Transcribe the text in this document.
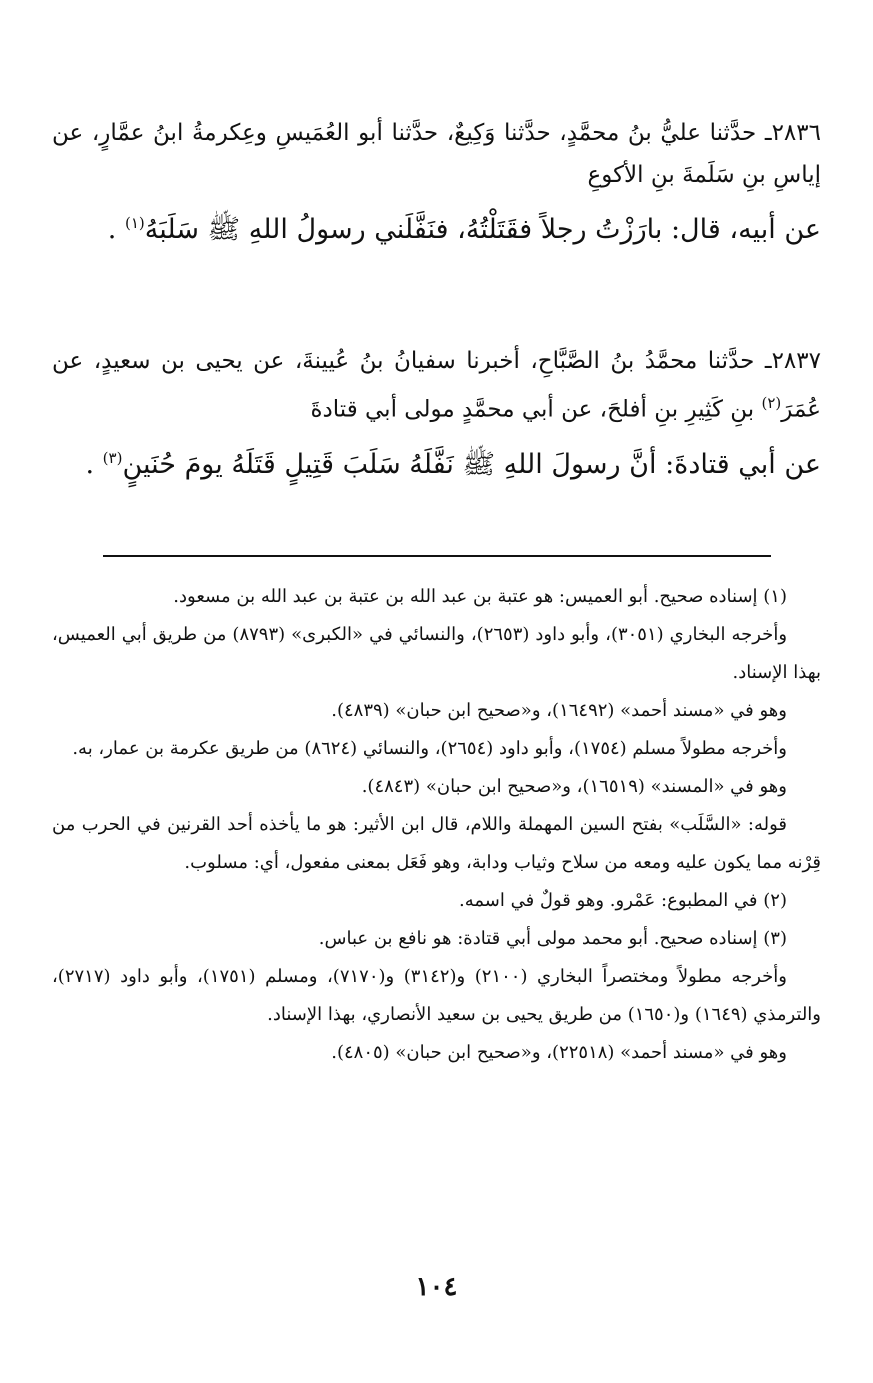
٢٨٣٦ـ حدَّثنا عليُّ بنُ محمَّدٍ، حدَّثنا وَكِيعٌ، حدَّثنا أبو العُمَيسِ وعِكرمةُ ابنُ عمَّارٍ، عن إياسِ بنِ سَلَمةَ بنِ الأكوعِ

عن أبيه، قال: بارَزْتُ رجلاً فقَتَلْتُهُ، فنَفَّلَني رسولُ اللهِ ﷺ سَلَبَهُ$^{(١)}$ .

٢٨٣٧ـ حدَّثنا محمَّدُ بنُ الصَّبَّاحِ، أخبرنا سفيانُ بنُ عُيينةَ، عن يحيى بن سعيدٍ، عن عُمَرَ$^{(٢)}$ بنِ كَثِيرِ بنِ أفلحَ، عن أبي محمَّدٍ مولى أبي قتادةَ

عن أبي قتادةَ: أنَّ رسولَ اللهِ ﷺ نَفَّلَهُ سَلَبَ قَتِيلٍ قَتَلَهُ يومَ حُنَينٍ$^{(٣)}$ .

(١) إسناده صحيح. أبو العميس: هو عتبة بن عبد الله بن عتبة بن عبد الله بن مسعود.

وأخرجه البخاري (٣٠٥١)، وأبو داود (٢٦٥٣)، والنسائي في «الكبرى» (٨٧٩٣) من طريق أبي العميس، بهذا الإسناد.

وهو في «مسند أحمد» (١٦٤٩٢)، و«صحيح ابن حبان» (٤٨٣٩).

وأخرجه مطولاً مسلم (١٧٥٤)، وأبو داود (٢٦٥٤)، والنسائي (٨٦٢٤) من طريق عكرمة بن عمار، به.

وهو في «المسند» (١٦٥١٩)، و«صحيح ابن حبان» (٤٨٤٣).

قوله: «السَّلَب» بفتح السين المهملة واللام، قال ابن الأثير: هو ما يأخذه أحد القرنين في الحرب من قِرْنه مما يكون عليه ومعه من سلاح وثياب ودابة، وهو فَعَل بمعنى مفعول، أي: مسلوب.

(٢) في المطبوع: عَمْرو. وهو قولٌ في اسمه.

(٣) إسناده صحيح. أبو محمد مولى أبي قتادة: هو نافع بن عباس.

وأخرجه مطولاً ومختصراً البخاري (٢١٠٠) و(٣١٤٢) و(٧١٧٠)، ومسلم (١٧٥١)، وأبو داود (٢٧١٧)، والترمذي (١٦٤٩) و(١٦٥٠) من طريق يحيى بن سعيد الأنصاري، بهذا الإسناد.

وهو في «مسند أحمد» (٢٢٥١٨)، و«صحيح ابن حبان» (٤٨٠٥).

١٠٤
